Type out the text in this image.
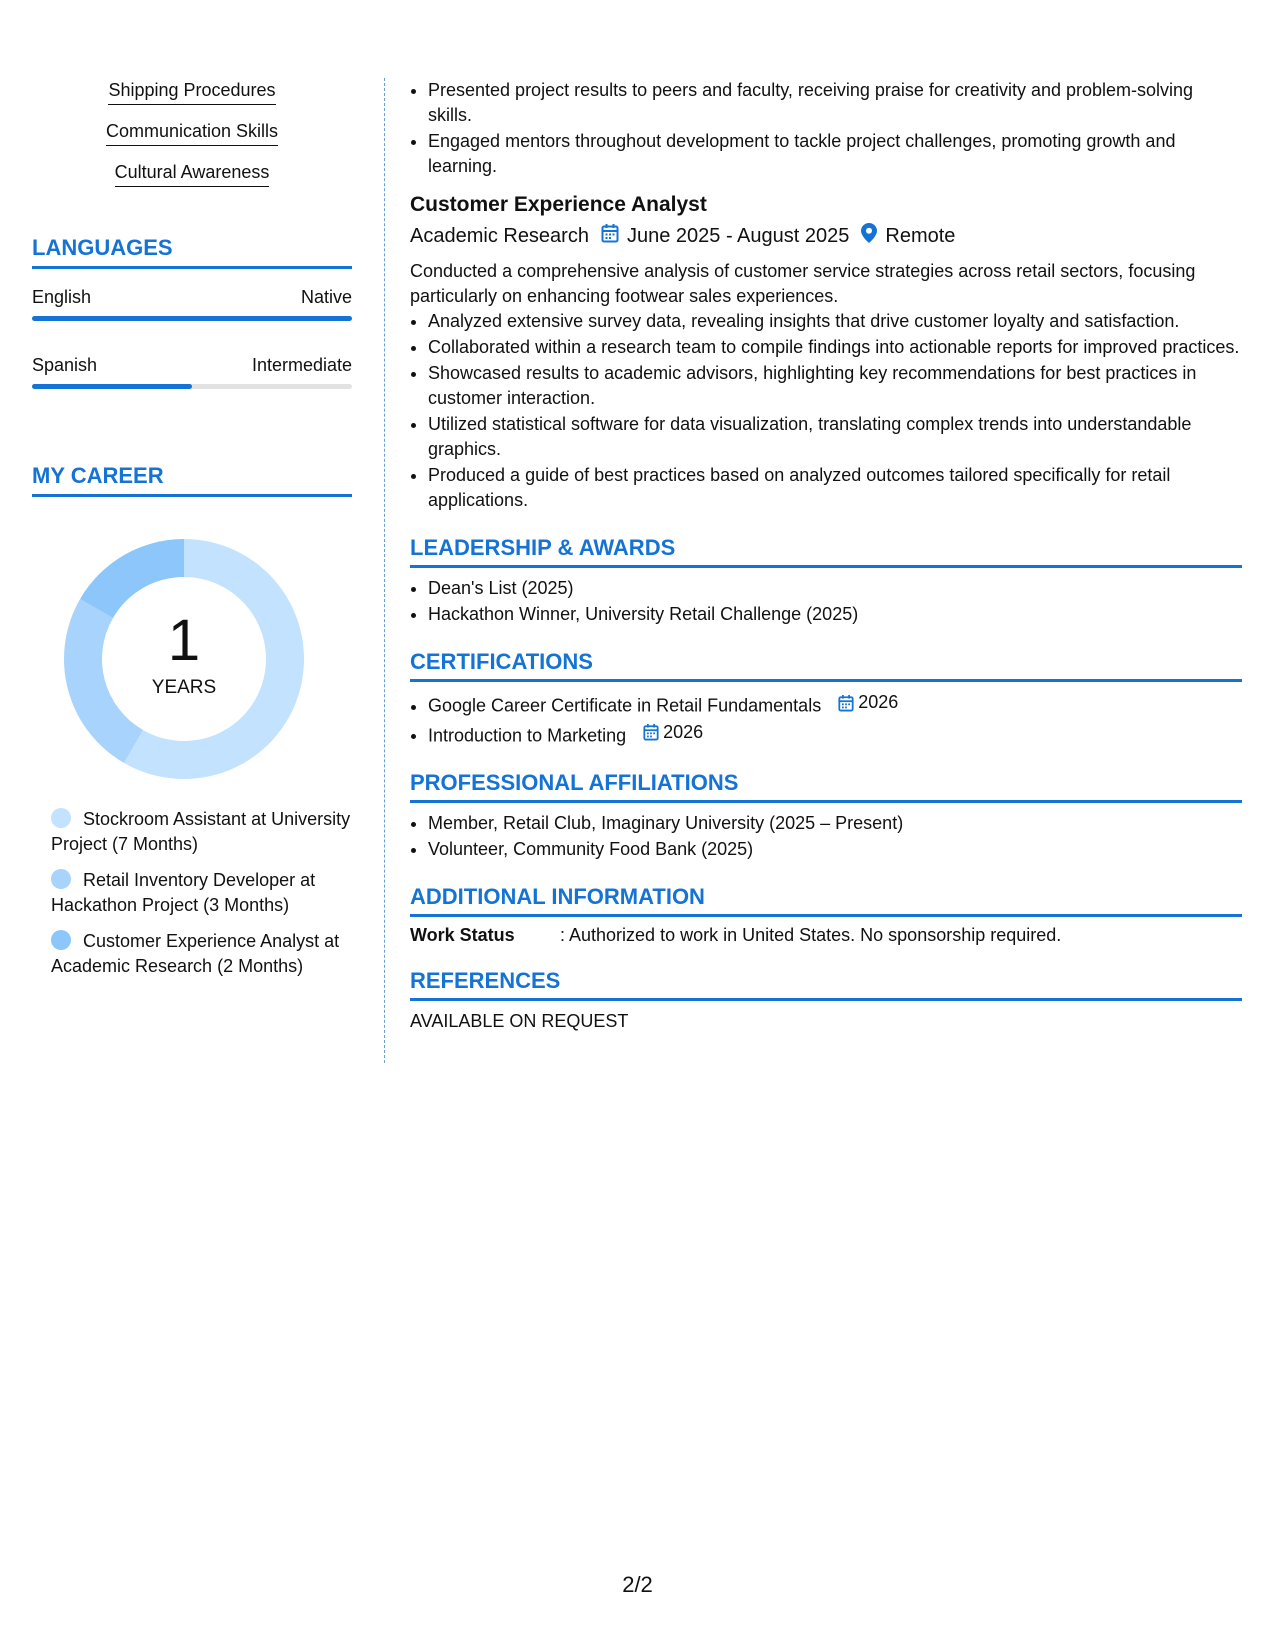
Shipping Procedures
Communication Skills
Cultural Awareness
LANGUAGES
English	Native
Spanish	Intermediate
MY CAREER
1
YEARS
Stockroom Assistant at University Project (7 Months)
Retail Inventory Developer at Hackathon Project (3 Months)
Customer Experience Analyst at Academic Research (2 Months)
• Presented project results to peers and faculty, receiving praise for creativity and problem-solving skills.
• Engaged mentors throughout development to tackle project challenges, promoting growth and learning.
Customer Experience Analyst
Academic Research June 2025 - August 2025 Remote
Conducted a comprehensive analysis of customer service strategies across retail sectors, focusing particularly on enhancing footwear sales experiences.
• Analyzed extensive survey data, revealing insights that drive customer loyalty and satisfaction.
• Collaborated within a research team to compile findings into actionable reports for improved practices.
• Showcased results to academic advisors, highlighting key recommendations for best practices in customer interaction.
• Utilized statistical software for data visualization, translating complex trends into understandable graphics.
• Produced a guide of best practices based on analyzed outcomes tailored specifically for retail applications.
LEADERSHIP & AWARDS
• Dean's List (2025)
• Hackathon Winner, University Retail Challenge (2025)
CERTIFICATIONS
• Google Career Certificate in Retail Fundamentals 2026
• Introduction to Marketing 2026
PROFESSIONAL AFFILIATIONS
• Member, Retail Club, Imaginary University (2025 – Present)
• Volunteer, Community Food Bank (2025)
ADDITIONAL INFORMATION
Work Status	: Authorized to work in United States. No sponsorship required.
REFERENCES
AVAILABLE ON REQUEST
2/2
